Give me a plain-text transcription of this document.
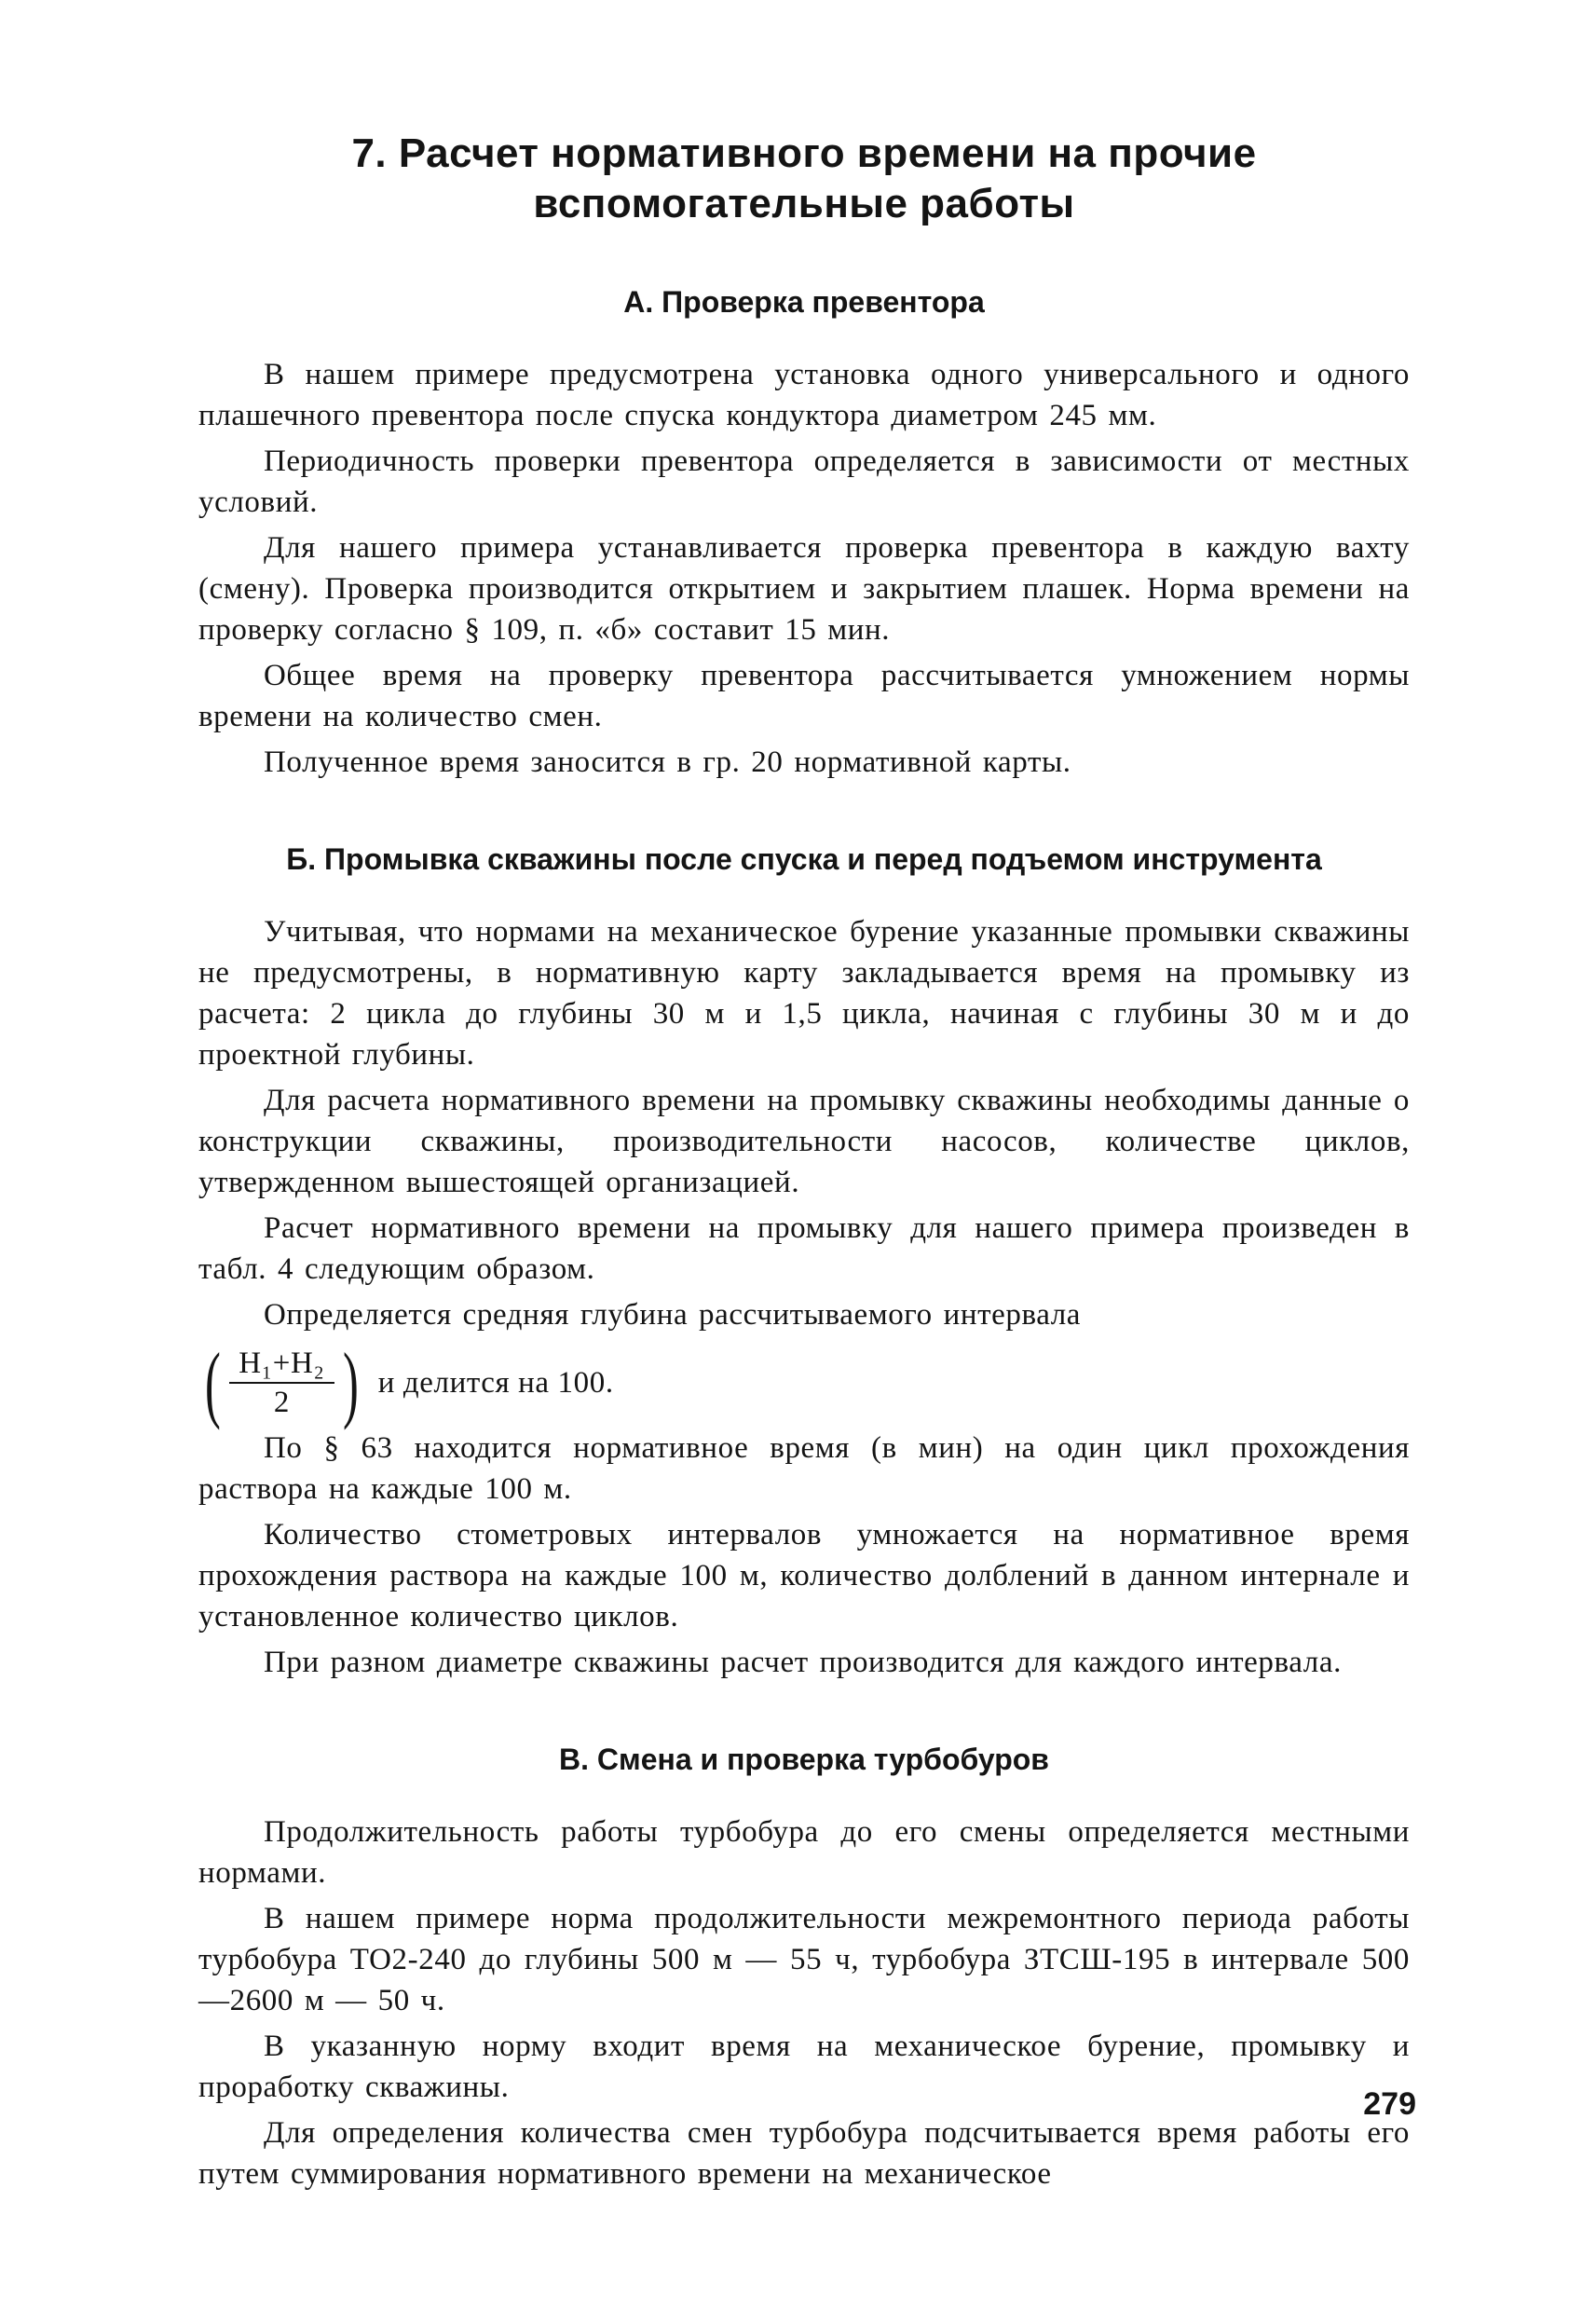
7. Расчет нормативного времени на прочие
вспомогательные работы
А. Проверка превентора

В нашем примере предусмотрена установка одного универсального и одного плашечного превентора после спуска кондуктора диаметром 245 мм.

Периодичность проверки превентора определяется в зависимости от местных условий.

Для нашего примера устанавливается проверка превентора в каждую вахту (смену). Проверка производится открытием и закрытием плашек. Норма времени на проверку согласно § 109, п. «б» составит 15 мин.

Общее время на проверку превентора рассчитывается умножением нормы времени на количество смен.

Полученное время заносится в гр. 20 нормативной карты.

Б. Промывка скважины после спуска и перед подъемом инструмента

Учитывая, что нормами на механическое бурение указанные промывки скважины не предусмотрены, в нормативную карту закладывается время на промывку из расчета: 2 цикла до глубины 30 м и 1,5 цикла, начиная с глубины 30 м и до проектной глубины.

Для расчета нормативного времени на промывку скважины необходимы данные о конструкции скважины, производительности насосов, количестве циклов, утвержденном вышестоящей организацией.

Расчет нормативного времени на промывку для нашего примера произведен в табл. 4 следующим образом.

Определяется средняя глубина рассчитываемого интервала

( $\frac{\text{H₁+H₂}}{2}$ ) и делится на 100.

По § 63 находится нормативное время (в мин) на один цикл прохождения раствора на каждые 100 м.

Количество стометровых интервалов умножается на нормативное время прохождения раствора на каждые 100 м, количество долблений в данном интернале и установленное количество циклов.

При разном диаметре скважины расчет производится для каждого интервала.

В. Смена и проверка турбобуров

Продолжительность работы турбобура до его смены определяется местными нормами.

В нашем примере норма продолжительности межремонтного периода работы турбобура ТО2-240 до глубины 500 м — 55 ч, турбобура ЗТСШ-195 в интервале 500—2600 м — 50 ч.

В указанную норму входит время на механическое бурение, промывку и проработку скважины.

Для определения количества смен турбобура подсчитывается время работы его путем суммирования нормативного времени на механическое

279
